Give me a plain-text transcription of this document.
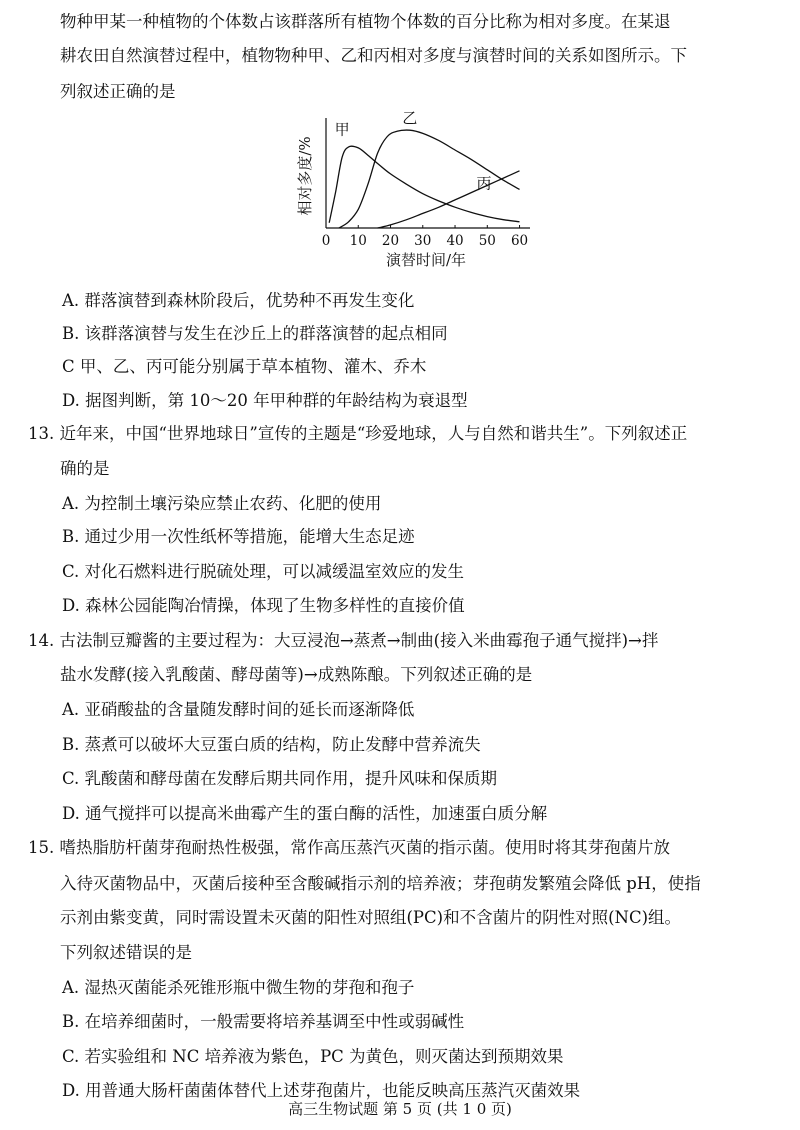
物种甲某一种植物的个体数占该群落所有植物个体数的百分比称为相对多度。在某退
耕农田自然演替过程中，植物物种甲、乙和丙相对多度与演替时间的关系如图所示。下
列叙述正确的是
0 10 20 30 40 50 60
演替时间/年
相对多度/%
甲
乙
丙
A. 群落演替到森林阶段后，优势种不再发生变化
B. 该群落演替与发生在沙丘上的群落演替的起点相同
C 甲、乙、丙可能分别属于草本植物、灌木、乔木
D. 据图判断，第 10～20 年甲种群的年龄结构为衰退型
13. 近年来，中国“世界地球日”宣传的主题是“珍爱地球，人与自然和谐共生”。下列叙述正
确的是
A. 为控制土壤污染应禁止农药、化肥的使用
B. 通过少用一次性纸杯等措施，能增大生态足迹
C. 对化石燃料进行脱硫处理，可以减缓温室效应的发生
D. 森林公园能陶冶情操，体现了生物多样性的直接价值
14. 古法制豆瓣酱的主要过程为：大豆浸泡→蒸煮→制曲(接入米曲霉孢子通气搅拌)→拌
盐水发酵(接入乳酸菌、酵母菌等)→成熟陈酿。下列叙述正确的是
A. 亚硝酸盐的含量随发酵时间的延长而逐渐降低
B. 蒸煮可以破坏大豆蛋白质的结构，防止发酵中营养流失
C. 乳酸菌和酵母菌在发酵后期共同作用，提升风味和保质期
D. 通气搅拌可以提高米曲霉产生的蛋白酶的活性，加速蛋白质分解
15. 嗜热脂肪杆菌芽孢耐热性极强，常作高压蒸汽灭菌的指示菌。使用时将其芽孢菌片放
入待灭菌物品中，灭菌后接种至含酸碱指示剂的培养液；芽孢萌发繁殖会降低 pH，使指
示剂由紫变黄，同时需设置未灭菌的阳性对照组(PC)和不含菌片的阴性对照(NC)组。
下列叙述错误的是
A. 湿热灭菌能杀死锥形瓶中微生物的芽孢和孢子
B. 在培养细菌时，一般需要将培养基调至中性或弱碱性
C. 若实验组和 NC 培养液为紫色，PC 为黄色，则灭菌达到预期效果
D. 用普通大肠杆菌菌体替代上述芽孢菌片，也能反映高压蒸汽灭菌效果
高三生物试题 第 5 页 (共 1 0 页)
